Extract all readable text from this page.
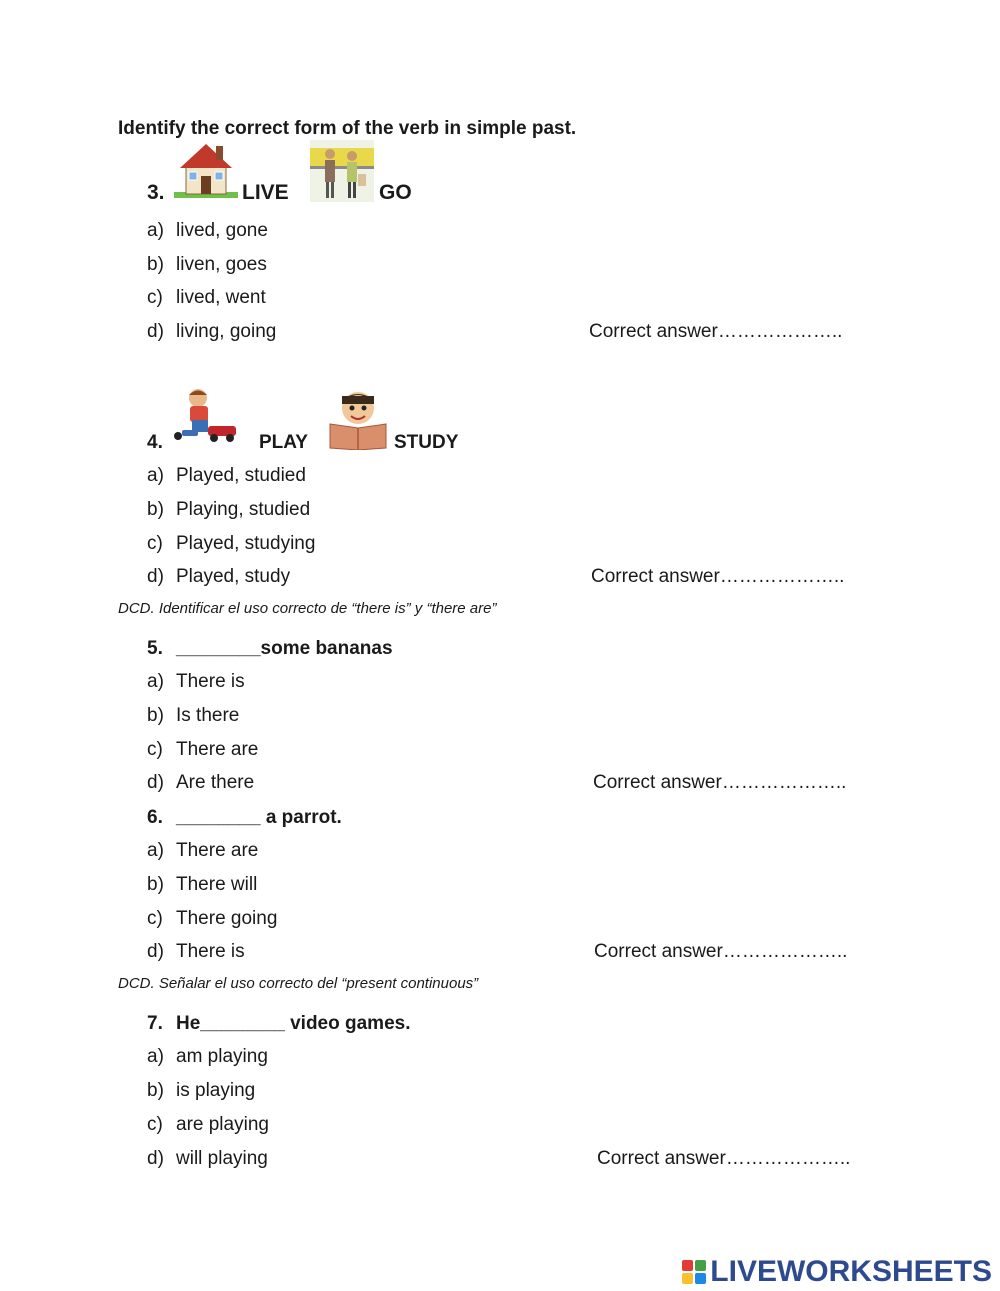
Identify the correct form of the verb in simple past.
3.	LIVE	GO
a) lived, gone
b) liven, goes
c) lived, went
d) living, going	Correct answer………………..
4.	PLAY	STUDY
a) Played, studied
b) Playing, studied
c) Played, studying
d) Played, study	Correct answer………………..
DCD. Identificar el uso correcto de “there is” y “there are”
5. ________some bananas
a) There is
b) Is there
c) There are
d) Are there	Correct answer………………..
6. ________ a parrot.
a) There are
b) There will
c) There going
d) There is	Correct answer………………..
DCD. Señalar el uso correcto del “present continuous”
7. He________ video games.
a) am playing
b) is playing
c) are playing
d) will playing	Correct answer………………..
LIVEWORKSHEETS
